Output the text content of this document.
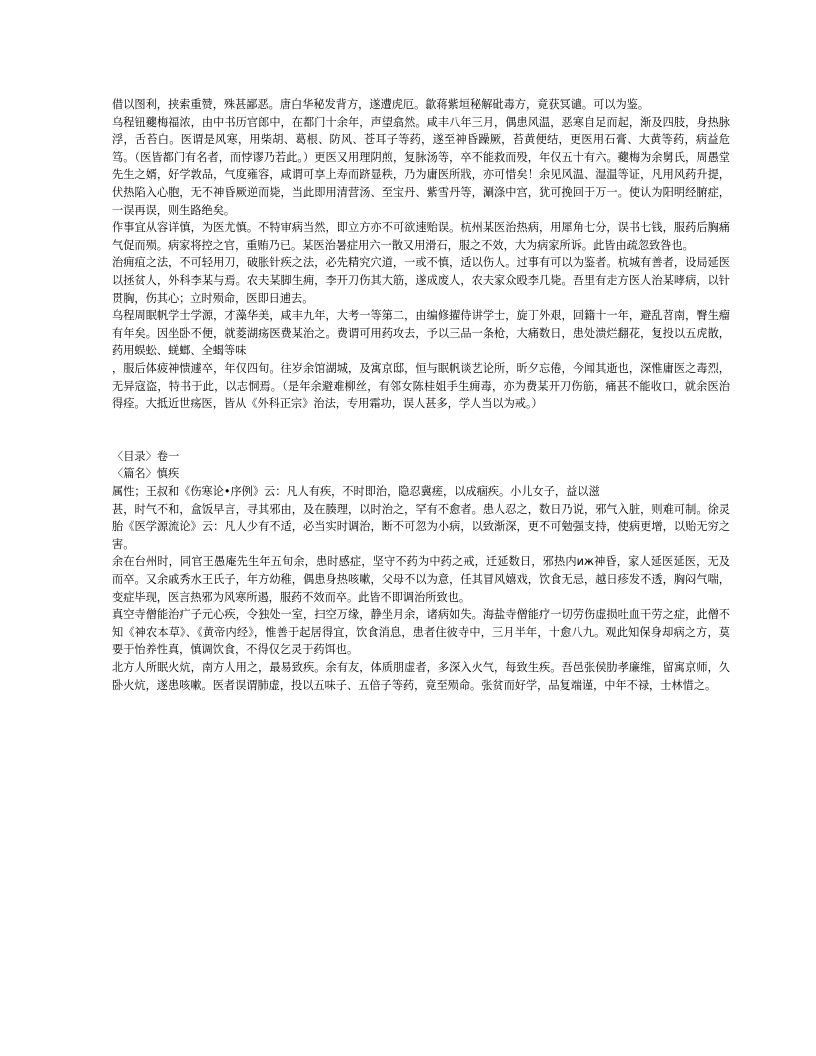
借以图利，挟索重赞，殊甚鄙恶。唐白华秘发背方，遂遭虎厄。歙蒋紫垣秘解砒毒方，竟获冥谴。可以为鉴。

乌程钮蘷梅福浓，由中书历官郎中，在都门十余年，声望翕然。咸丰八年三月，偶患风温，恶寒自足而起，渐及四肢，身热脉浮，舌苔白。医谓是风寒，用柴胡、葛根、防风、苍耳子等药，遂至神昏躁厥，苔黄便结，更医用石膏、大黄等药，病益危笃。（医皆都门有名者，而悖谬乃若此。）更医又用理阴煎，复脉汤等，卒不能救而殁，年仅五十有六。蘷梅为余舅氏，周愚堂先生之婿，好学敦品，气度雍容，咸谓可享上寿而跻显秩，乃为庸医所戕，亦可惜矣！余见风温、湿温等证，凡用风药升提，伏热陷入心胞，无不神昏厥逆而毙，当此即用清营汤、至宝丹、紫雪丹等，涮涤中宫，犹可挽回于万一。使认为阳明经腑症，一误再误，则生路绝矣。

作事宜从容详慎，为医尤慎。不特审病当然，即立方亦不可欲速贻误。杭州某医治热病，用犀角七分，误书七钱，服药后胸痛气促而殒。病家将控之官，重贿乃已。某医治暑症用六一散又用滑石，服之不效，大为病家所诉。此皆由疏忽致咎也。

治痈疽之法，不可轻用刀，破胀针疾之法，必先精究穴道，一或不慎，适以伤人。过事有可以为鉴者。杭城有善者，设局延医以拯贫人，外科李某与焉。农夫某脚生痈，李开刀伤其大筋，遂成废人，农夫家众殴李几毙。吾里有走方医人治某哮病，以针贯胸，伤其心；立时殒命，医即日逋去。

乌程周眠帆学士学源，才藻华美，咸丰九年，大考一等第二，由编修擢侍讲学士，旋丁外艰，回籍十一年，避乱苕南，臀生瘤有年矣。因坐卧不便，就菱湖疡医费某治之。费谓可用药攻去，予以三品一条枪，大痛数日，患处溃烂翻花，复投以五虎散，药用蜈蚣、蜣螂、全蝎等味

，服后体疲神愦遽卒，年仅四旬。往岁余馆湖城，及寓京邸，恒与眠帆谈艺论所，昕夕忘倦，今闻其逝也，深惟庸医之毒烈，无异寇盗，特书于此，以志恫焉。（是年余避难柳丝，有邻女陈桂姐手生痈毒，亦为费某开刀伤筋，痛甚不能收口，就余医治得痊。大抵近世疡医，皆从《外科正宗》治法，专用霜功，误人甚多，学人当以为戒。）

〈目录〉卷一

〈篇名〉慎疾

属性；王叔和《伤寒论•序例》云：凡人有疾，不时即治，隐忍冀瘥，以成痼疾。小儿女子，益以滋

甚，时气不和，盒饭早言，寻其邪由，及在腠理，以时治之，罕有不愈者。患人忍之，数日乃说，邪气入脏，则难可制。徐灵胎《医学源流论》云：凡人少有不适，必当实时调治，断不可忽为小病，以致渐深，更不可勉强支持，使病更增，以贻无穷之害。

余在台州时，同官王愚庵先生年五旬余，患时感症，坚守不药为中药之戒，迁延数日，邪热内иж神昏，家人延医延医，无及而卒。又余戚秀水王氏子，年方幼稚，偶患身热咳嗽，父母不以为意，任其冒风嬉戏，饮食无忌，越日疹发不透，胸闷气喘，变症毕现，医言热邪为风寒所遏，服药不效而卒。此皆不即调治所致也。

真空寺僧能治疒子元心疾，令独处一室，扫空万缘，静坐月余，诸病如失。海盐寺僧能疗一切劳伤虚损吐血干劳之症，此僧不知《神农本草》、《黄帝内经》，惟善于起居得宜，饮食消息，患者住彼寺中，三月半年，十愈八九。观此知保身却病之方，莫要于怡养性真，慎调饮食，不得仅乞灵于药饵也。

北方人所眠火炕，南方人用之，最易致疾。余有友，体质朋虚者，多深入火气，每致生疾。吾邑张侯肋孝廉维，留寓京师，久卧火炕，遂患咳嗽。医者误谓肺虚，投以五味子、五倍子等药，竟至殒命。张贫而好学，品复端谨，中年不禄，士林惜之。
